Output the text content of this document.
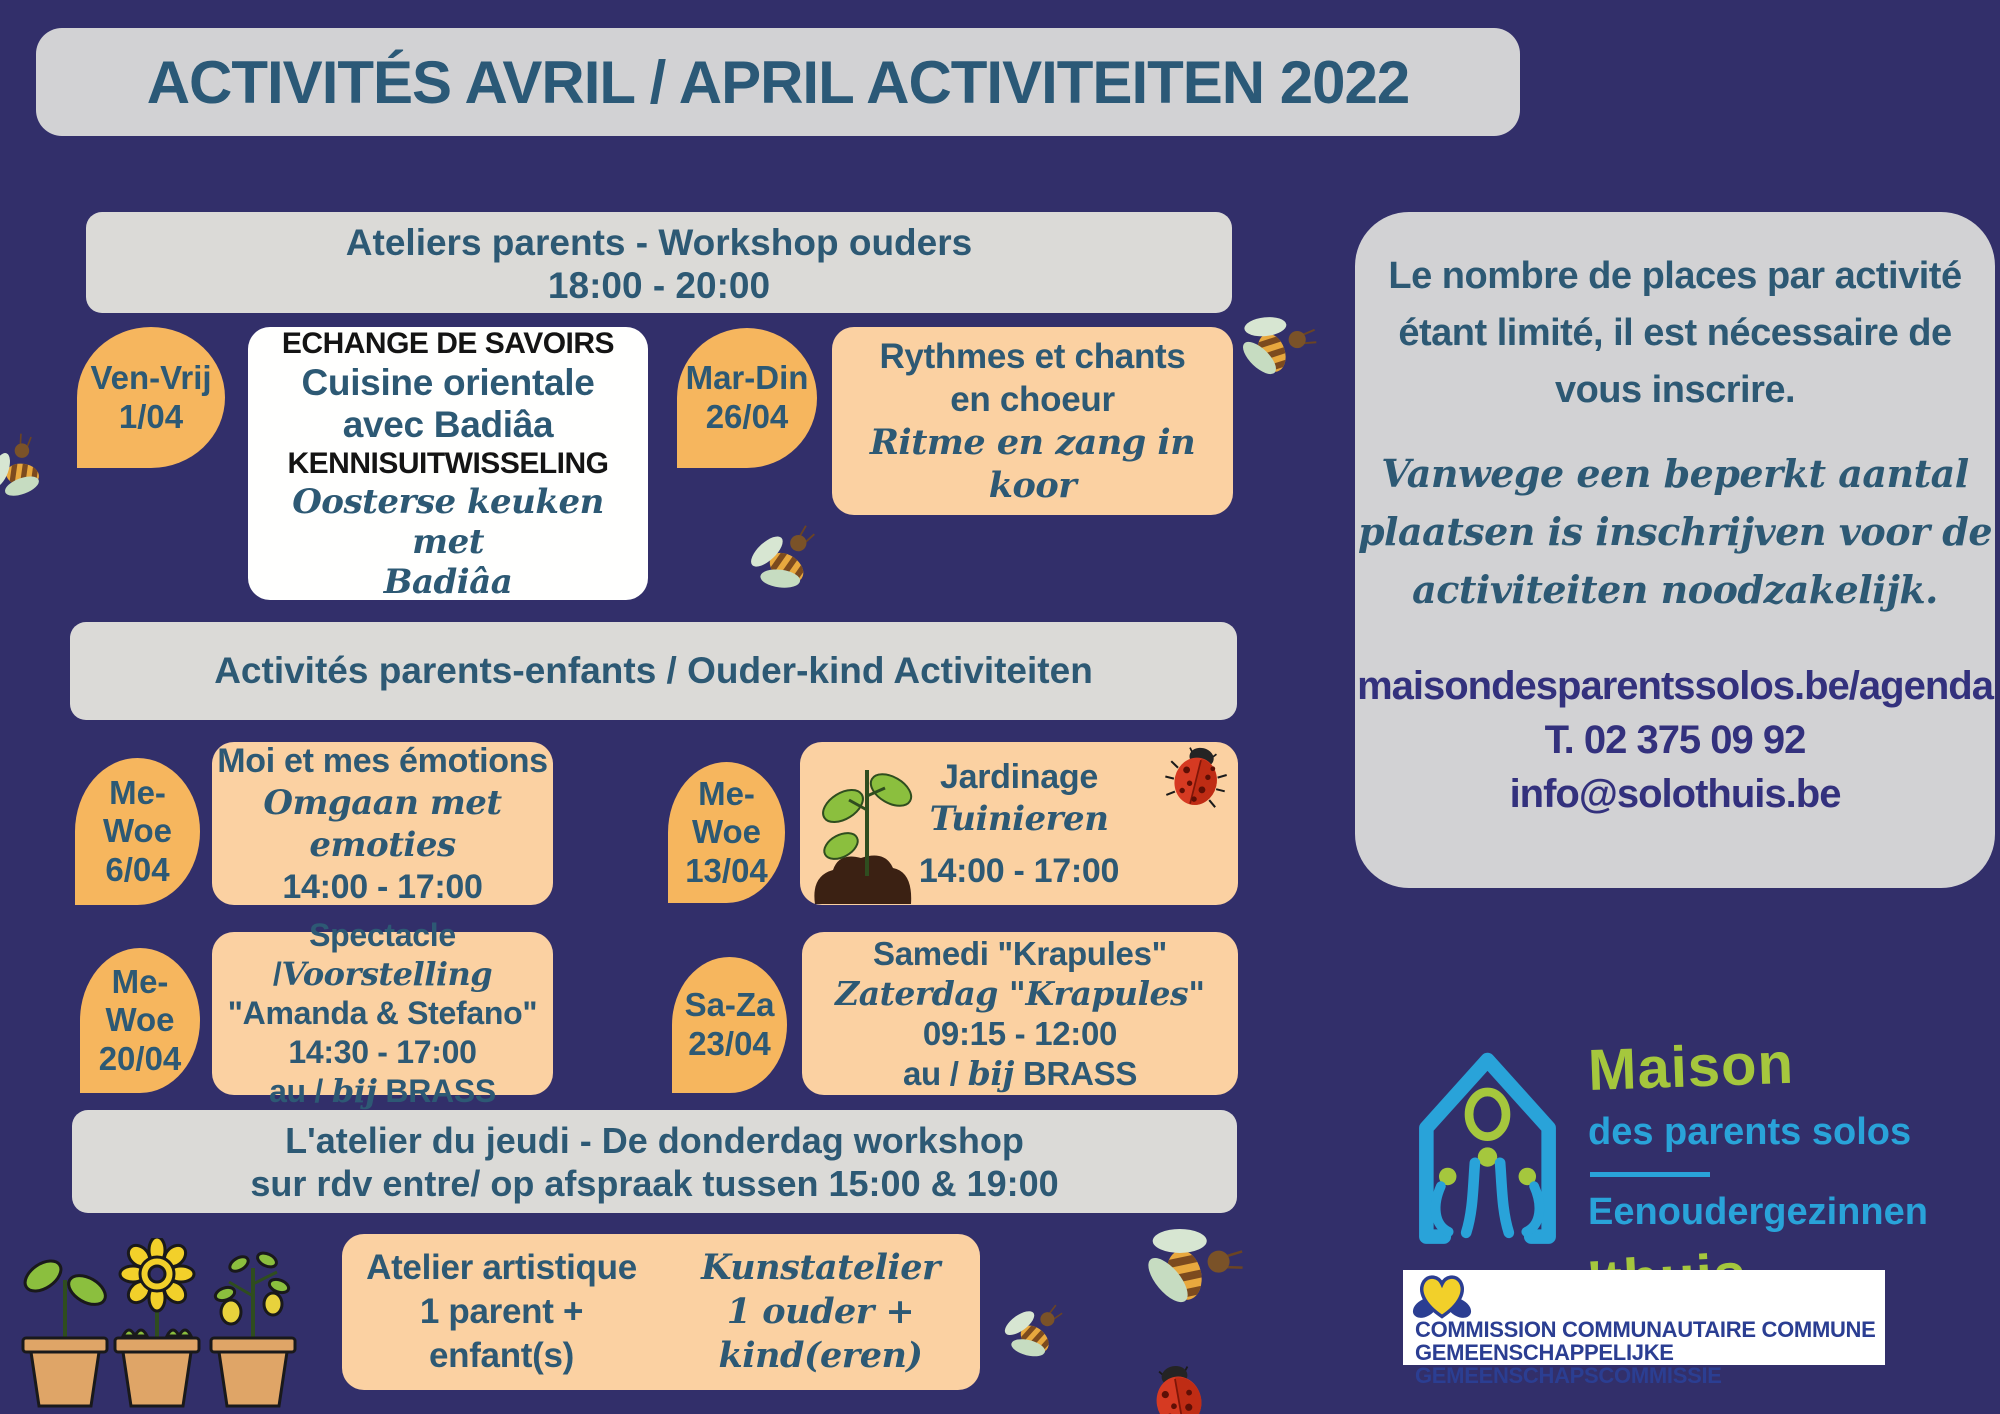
ACTIVITÉS AVRIL / APRIL ACTIVITEITEN 2022
Ateliers parents - Workshop ouders
18:00 - 20:00
Ven-Vrij
1/04
ECHANGE DE SAVOIRS
Cuisine orientale
avec Badiâa
KENNISUITWISSELING
Oosterse keuken met
Badiâa
Mar-Din
26/04
Rythmes et chants
en choeur
Ritme en zang in
koor
Activités parents-enfants / Ouder-kind Activiteiten
Me-Woe
6/04
Moi et mes émotions
Omgaan met emoties
14:00 - 17:00
Me-Woe
13/04
Jardinage
Tuinieren
14:00 - 17:00
Me-Woe
20/04
Spectacle /Voorstelling
"Amanda & Stefano"
14:30 - 17:00
au / bij BRASS
Sa-Za
23/04
Samedi "Krapules"
Zaterdag "Krapules"
09:15 - 12:00
au / bij BRASS
L'atelier du jeudi - De donderdag workshop
sur rdv entre/ op afspraak tussen 15:00 & 19:00
Atelier artistique
1 parent +
enfant(s)
Kunstatelier
1 ouder +
kind(eren)
Le nombre de places par activité
étant limité, il est nécessaire de
vous inscrire.
Vanwege een beperkt aantal
plaatsen is inschrijven voor de
activiteiten noodzakelijk.
maisondesparentssolos.be/agenda
T. 02 375 09 92
info@solothuis.be
Maison
des parents solos
Eenoudergezinnen
COMMISSION COMMUNAUTAIRE COMMUNE
GEMEENSCHAPPELIJKE GEMEENSCHAPSCOMMISSIE
